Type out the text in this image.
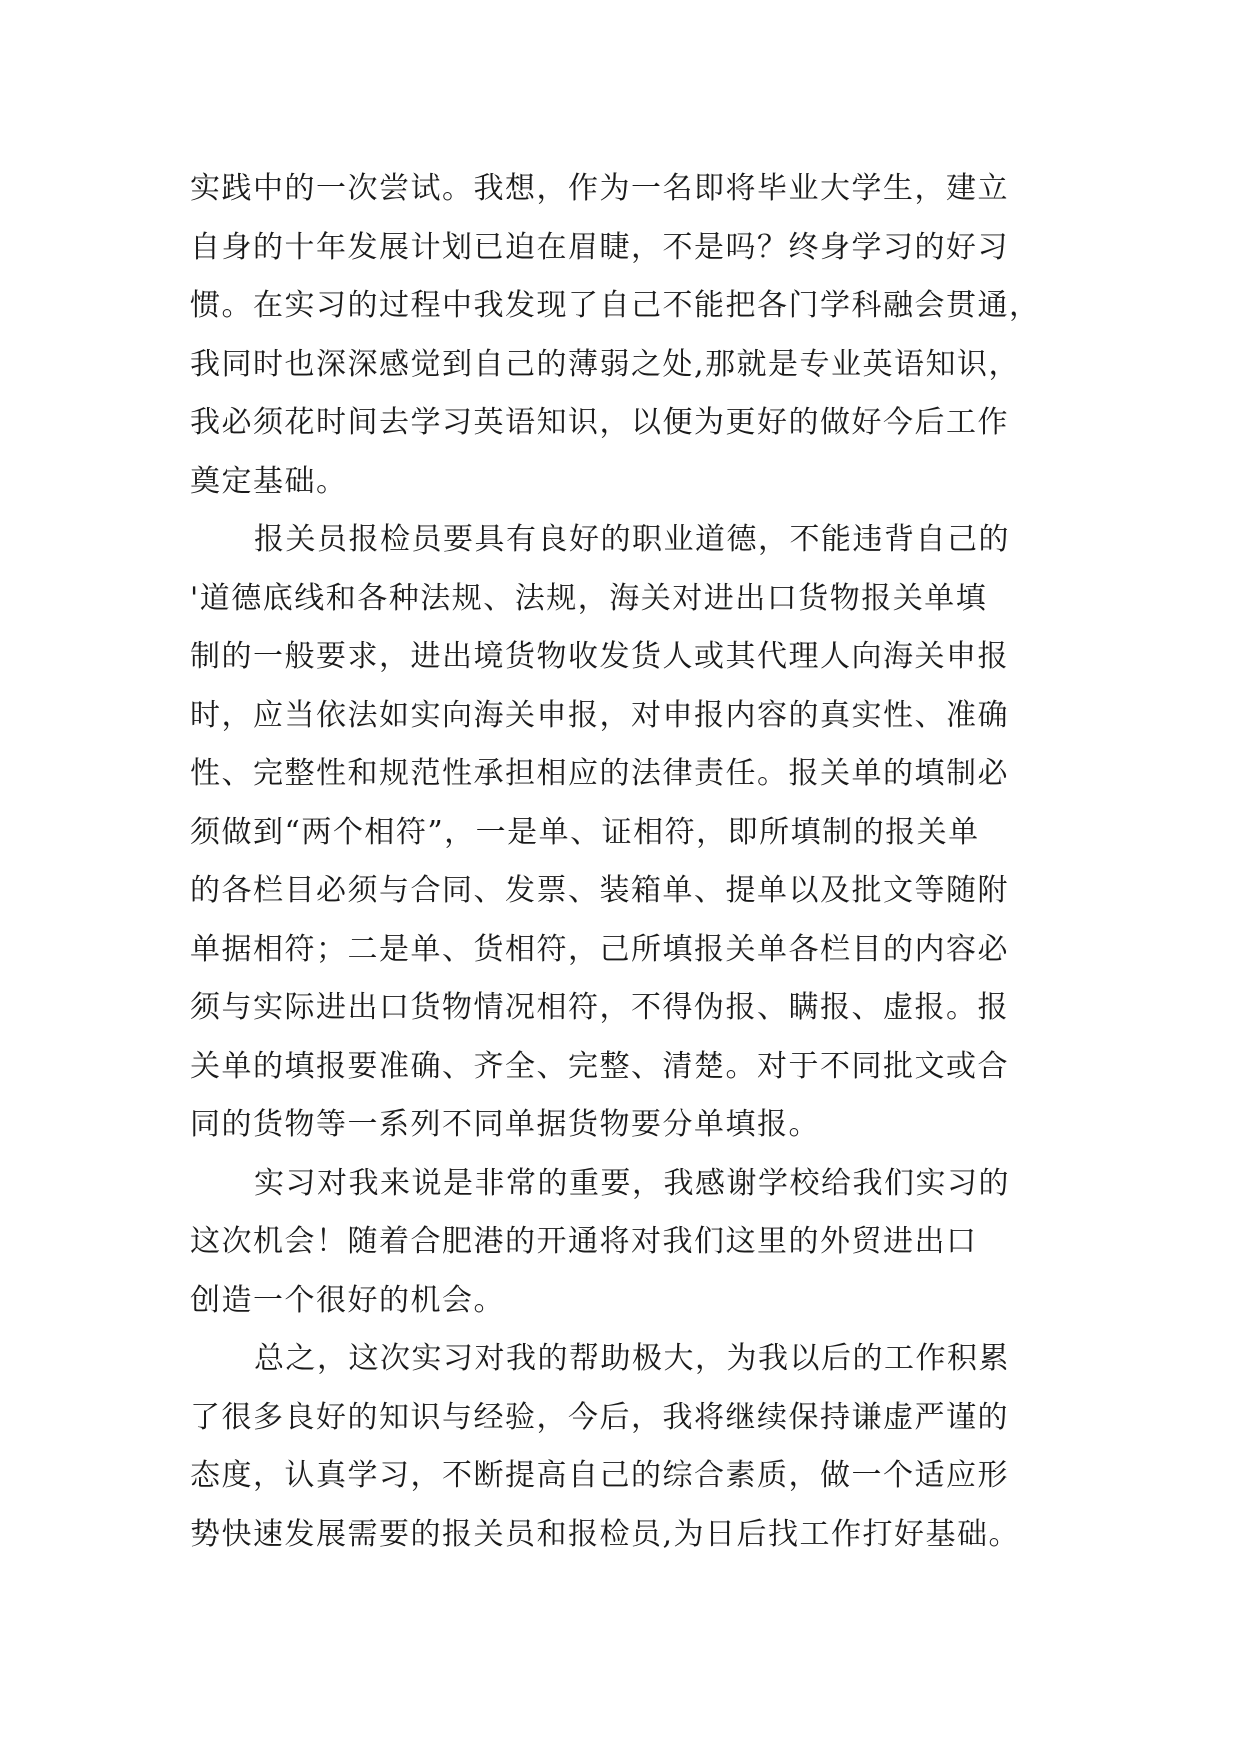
实践中的一次尝试。我想，作为一名即将毕业大学生，建立
自身的十年发展计划已迫在眉睫，不是吗？终身学习的好习
惯。在实习的过程中我发现了自己不能把各门学科融会贯通，
我同时也深深感觉到自己的薄弱之处,那就是专业英语知识，
我必须花时间去学习英语知识，以便为更好的做好今后工作
奠定基础。
报关员报检员要具有良好的职业道德，不能违背自己的
'道德底线和各种法规、法规，海关对进出口货物报关单填
制的一般要求，进出境货物收发货人或其代理人向海关申报
时，应当依法如实向海关申报，对申报内容的真实性、准确
性、完整性和规范性承担相应的法律责任。报关单的填制必
须做到“两个相符”，一是单、证相符，即所填制的报关单
的各栏目必须与合同、发票、装箱单、提单以及批文等随附
单据相符；二是单、货相符，己所填报关单各栏目的内容必
须与实际进出口货物情况相符，不得伪报、瞒报、虚报。报
关单的填报要准确、齐全、完整、清楚。对于不同批文或合
同的货物等一系列不同单据货物要分单填报。
实习对我来说是非常的重要，我感谢学校给我们实习的
这次机会！随着合肥港的开通将对我们这里的外贸进出口
创造一个很好的机会。
总之，这次实习对我的帮助极大，为我以后的工作积累
了很多良好的知识与经验，今后，我将继续保持谦虚严谨的
态度，认真学习，不断提高自己的综合素质，做一个适应形
势快速发展需要的报关员和报检员,为日后找工作打好基础。
